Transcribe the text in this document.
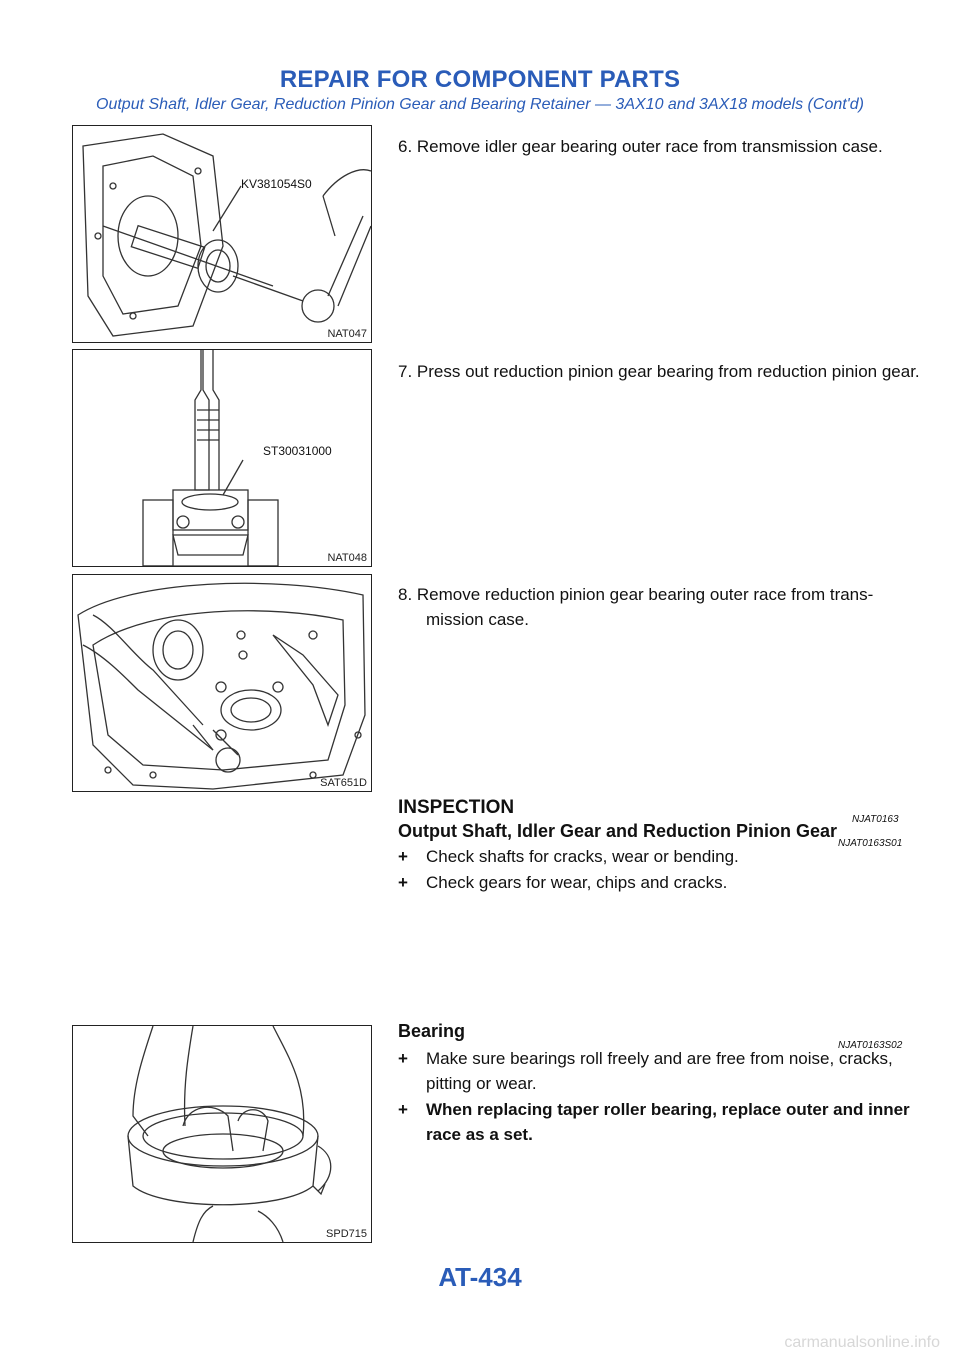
REPAIR FOR COMPONENT PARTS
Output Shaft, Idler Gear, Reduction Pinion Gear and Bearing Retainer — 3AX10 and 3AX18 models (Cont'd)
KV381054S0
NAT047
ST30031000
NAT048
SAT651D
SPD715
6. Remove idler gear bearing outer race from transmission case.
7. Press out reduction pinion gear bearing from reduction pinion gear.
8. Remove reduction pinion gear bearing outer race from trans- mission case.
INSPECTION
NJAT0163
Output Shaft, Idler Gear and Reduction Pinion Gear
NJAT0163S01
+ Check shafts for cracks, wear or bending.
+ Check gears for wear, chips and cracks.
Bearing
NJAT0163S02
+ Make sure bearings roll freely and are free from noise, cracks, pitting or wear.
+ When replacing taper roller bearing, replace outer and inner race as a set.
AT-434
carmanualsonline.info
